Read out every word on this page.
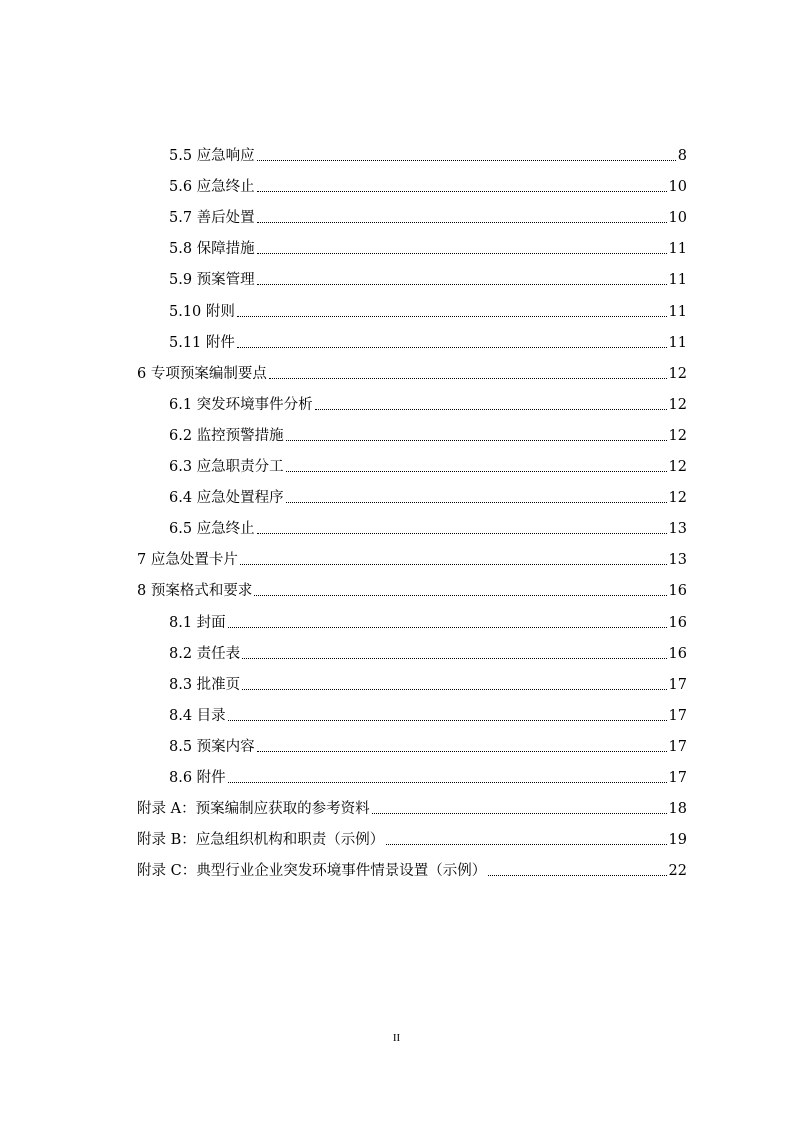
5.5 应急响应	8
5.6 应急终止	10
5.7 善后处置	10
5.8 保障措施	11
5.9 预案管理	11
5.10 附则	11
5.11 附件	11
6 专项预案编制要点	12
6.1 突发环境事件分析	12
6.2 监控预警措施	12
6.3 应急职责分工	12
6.4 应急处置程序	12
6.5 应急终止	13
7 应急处置卡片	13
8 预案格式和要求	16
8.1 封面	16
8.2 责任表	16
8.3 批准页	17
8.4 目录	17
8.5 预案内容	17
8.6 附件	17
附录 A：预案编制应获取的参考资料	18
附录 B：应急组织机构和职责（示例）	19
附录 C：典型行业企业突发环境事件情景设置（示例）	22
II
